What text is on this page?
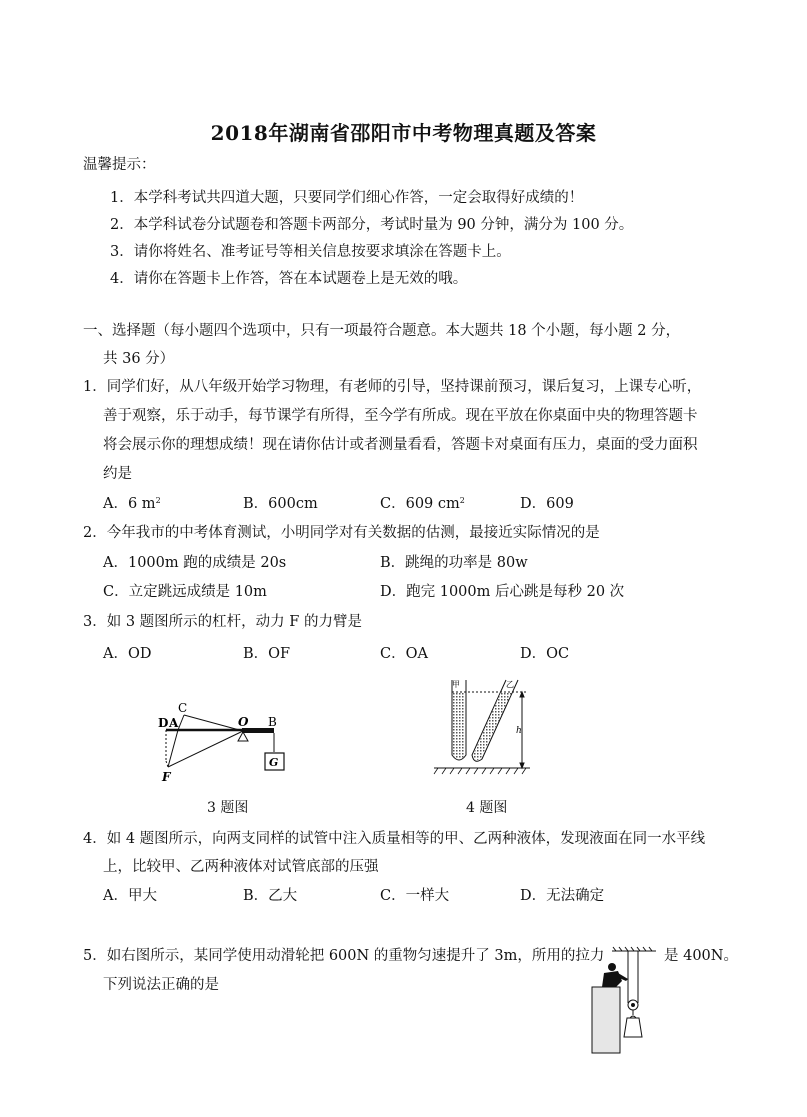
2018年湖南省邵阳市中考物理真题及答案
温馨提示：
1．本学科考试共四道大题，只要同学们细心作答，一定会取得好成绩的！
2．本学科试卷分试题卷和答题卡两部分，考试时量为 90 分钟，满分为 100 分。
3．请你将姓名、准考证号等相关信息按要求填涂在答题卡上。
4．请你在答题卡上作答，答在本试题卷上是无效的哦。
一、选择题（每小题四个选项中，只有一项最符合题意。本大题共 18 个小题，每小题 2 分，
共 36 分）
1．同学们好，从八年级开始学习物理，有老师的引导，坚持课前预习，课后复习，上课专心听，
善于观察，乐于动手，每节课学有所得，至今学有所成。现在平放在你桌面中央的物理答题卡
将会展示你的理想成绩！现在请你估计或者测量看看，答题卡对桌面有压力，桌面的受力面积
约是
A．6 $m^2$	B．600cm	C．609 $cm^2$	D．609
2．今年我市的中考体育测试，小明同学对有关数据的估测，最接近实际情况的是
A．1000m 跑的成绩是 20s	B．跳绳的功率是 80w
C．立定跳远成绩是 10m	D．跑完 1000m 后心跳是每秒 20 次
3．如 3 题图所示的杠杆，动力 F 的力臂是
A．OD	B．OF	C．OA	D．OC
C
D A	O B
F
G
3 题图
甲	乙
h
4 题图
4．如 4 题图所示，向两支同样的试管中注入质量相等的甲、乙两种液体，发现液面在同一水平线
上，比较甲、乙两种液体对试管底部的压强
A．甲大	B．乙大	C．一样大	D．无法确定
5．如右图所示，某同学使用动滑轮把 600N 的重物匀速提升了 3m，所用的拉力	是 400N。
下列说法正确的是
